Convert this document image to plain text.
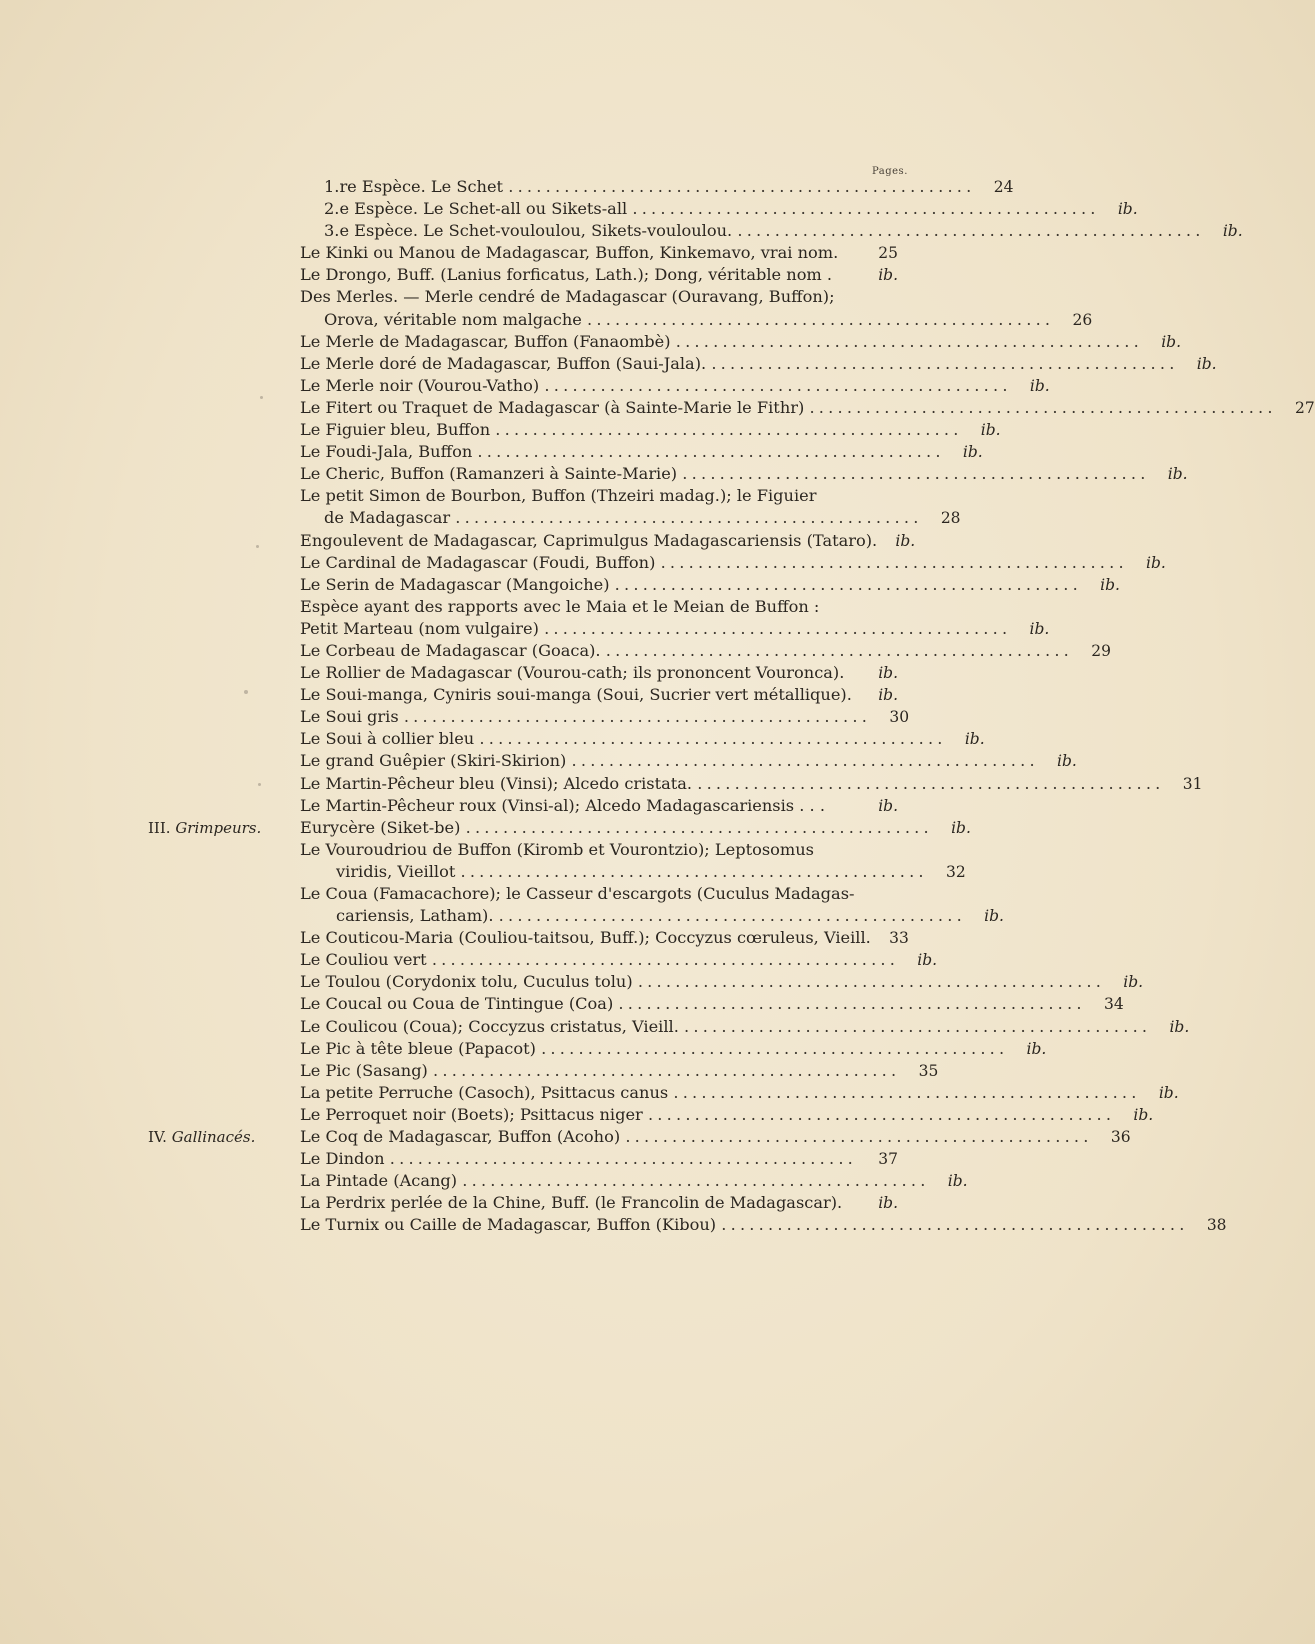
Pages.
1.re Espèce. Le Schet ..................................................	24
2.e Espèce. Le Schet-all ou Sikets-all ..................................................	ib.
3.e Espèce. Le Schet-vouloulou, Sikets-vouloulou. ..................................................	ib.
Le Kinki ou Manou de Madagascar, Buffon, Kinkemavo, vrai nom.	25
Le Drongo, Buff. (Lanius forficatus, Lath.); Dong, véritable nom .	ib.
Des Merles. — Merle cendré de Madagascar (Ouravang, Buffon);
Orova, véritable nom malgache ..................................................	26
Le Merle de Madagascar, Buffon (Fanaombè) ..................................................	ib.
Le Merle doré de Madagascar, Buffon (Saui-Jala). ..................................................	ib.
Le Merle noir (Vourou-Vatho) ..................................................	ib.
Le Fitert ou Traquet de Madagascar (à Sainte-Marie le Fithr) ..................................................	27
Le Figuier bleu, Buffon ..................................................	ib.
Le Foudi-Jala, Buffon ..................................................	ib.
Le Cheric, Buffon (Ramanzeri à Sainte-Marie) ..................................................	ib.
Le petit Simon de Bourbon, Buffon (Thzeiri madag.); le Figuier
de Madagascar ..................................................	28
Engoulevent de Madagascar, Caprimulgus Madagascariensis (Tataro).	ib.
Le Cardinal de Madagascar (Foudi, Buffon) ..................................................	ib.
Le Serin de Madagascar (Mangoiche) ..................................................	ib.
Espèce ayant des rapports avec le Maia et le Meian de Buffon :
Petit Marteau (nom vulgaire) ..................................................	ib.
Le Corbeau de Madagascar (Goaca). ..................................................	29
Le Rollier de Madagascar (Vourou-cath; ils prononcent Vouronca).	ib.
Le Soui-manga, Cyniris soui-manga (Soui, Sucrier vert métallique).	ib.
Le Soui gris ..................................................	30
Le Soui à collier bleu ..................................................	ib.
Le grand Guêpier (Skiri-Skirion) ..................................................	ib.
Le Martin-Pêcheur bleu (Vinsi); Alcedo cristata. ..................................................	31
Le Martin-Pêcheur roux (Vinsi-al); Alcedo Madagascariensis . . .	ib.
III. Grimpeurs.	Eurycère (Siket-be) ..................................................	ib.
Le Vouroudriou de Buffon (Kiromb et Vourontzio); Leptosomus
viridis, Vieillot ..................................................	32
Le Coua (Famacachore); le Casseur d'escargots (Cuculus Madagas-
cariensis, Latham). ..................................................	ib.
Le Couticou-Maria (Couliou-taitsou, Buff.); Coccyzus cœruleus, Vieill.	33
Le Couliou vert ..................................................	ib.
Le Toulou (Corydonix tolu, Cuculus tolu) ..................................................	ib.
Le Coucal ou Coua de Tintingue (Coa) ..................................................	34
Le Coulicou (Coua); Coccyzus cristatus, Vieill. ..................................................	ib.
Le Pic à tête bleue (Papacot) ..................................................	ib.
Le Pic (Sasang) ..................................................	35
La petite Perruche (Casoch), Psittacus canus ..................................................	ib.
Le Perroquet noir (Boets); Psittacus niger ..................................................	ib.
IV. Gallinacés.	Le Coq de Madagascar, Buffon (Acoho) ..................................................	36
Le Dindon ..................................................	37
La Pintade (Acang) ..................................................	ib.
La Perdrix perlée de la Chine, Buff. (le Francolin de Madagascar).	ib.
Le Turnix ou Caille de Madagascar, Buffon (Kibou) ..................................................	38
